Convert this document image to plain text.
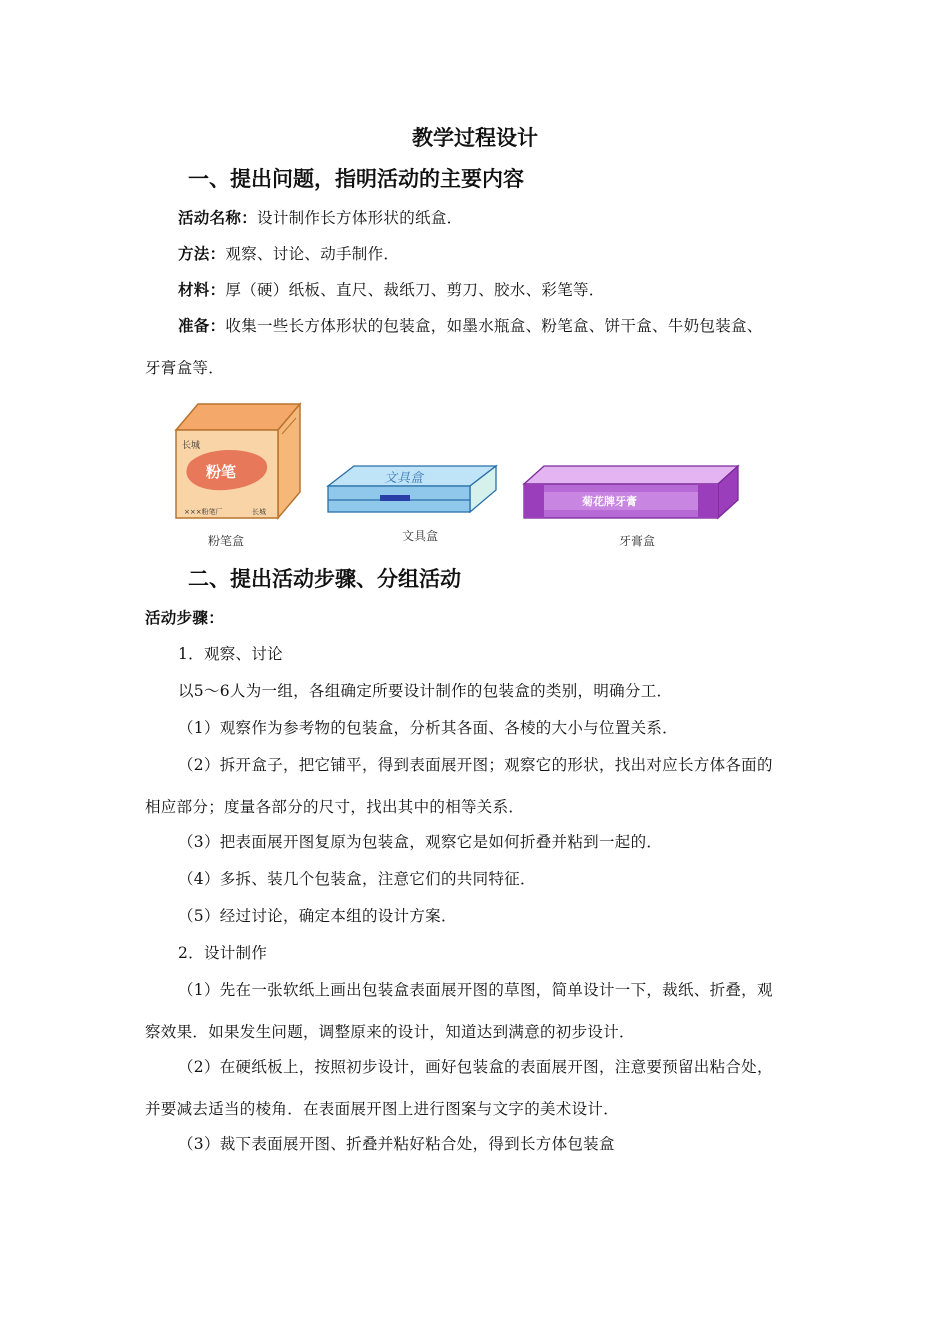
教学过程设计
一、提出问题，指明活动的主要内容
活动名称：设计制作长方体形状的纸盒．
方法：观察、讨论、动手制作．
材料：厚（硬）纸板、直尺、裁纸刀、剪刀、胶水、彩笔等．
准备：收集一些长方体形状的包装盒，如墨水瓶盒、粉笔盒、饼干盒、牛奶包装盒、
牙膏盒等．
长城
粉笔
×××粉笔厂	长城
粉笔盒
文具盒
文具盒
菊花牌牙膏
牙膏盒
二、提出活动步骤、分组活动
活动步骤：
1．观察、讨论
以5～6人为一组，各组确定所要设计制作的包装盒的类别，明确分工．
（1）观察作为参考物的包装盒，分析其各面、各棱的大小与位置关系．
（2）拆开盒子，把它铺平，得到表面展开图；观察它的形状，找出对应长方体各面的
相应部分；度量各部分的尺寸，找出其中的相等关系．
（3）把表面展开图复原为包装盒，观察它是如何折叠并粘到一起的．
（4）多拆、装几个包装盒，注意它们的共同特征．
（5）经过讨论，确定本组的设计方案．
2．设计制作
（1）先在一张软纸上画出包装盒表面展开图的草图，简单设计一下，裁纸、折叠，观
察效果．如果发生问题，调整原来的设计，知道达到满意的初步设计．
（2）在硬纸板上，按照初步设计，画好包装盒的表面展开图，注意要预留出粘合处，
并要减去适当的棱角．在表面展开图上进行图案与文字的美术设计．
（3）裁下表面展开图、折叠并粘好粘合处，得到长方体包装盒
